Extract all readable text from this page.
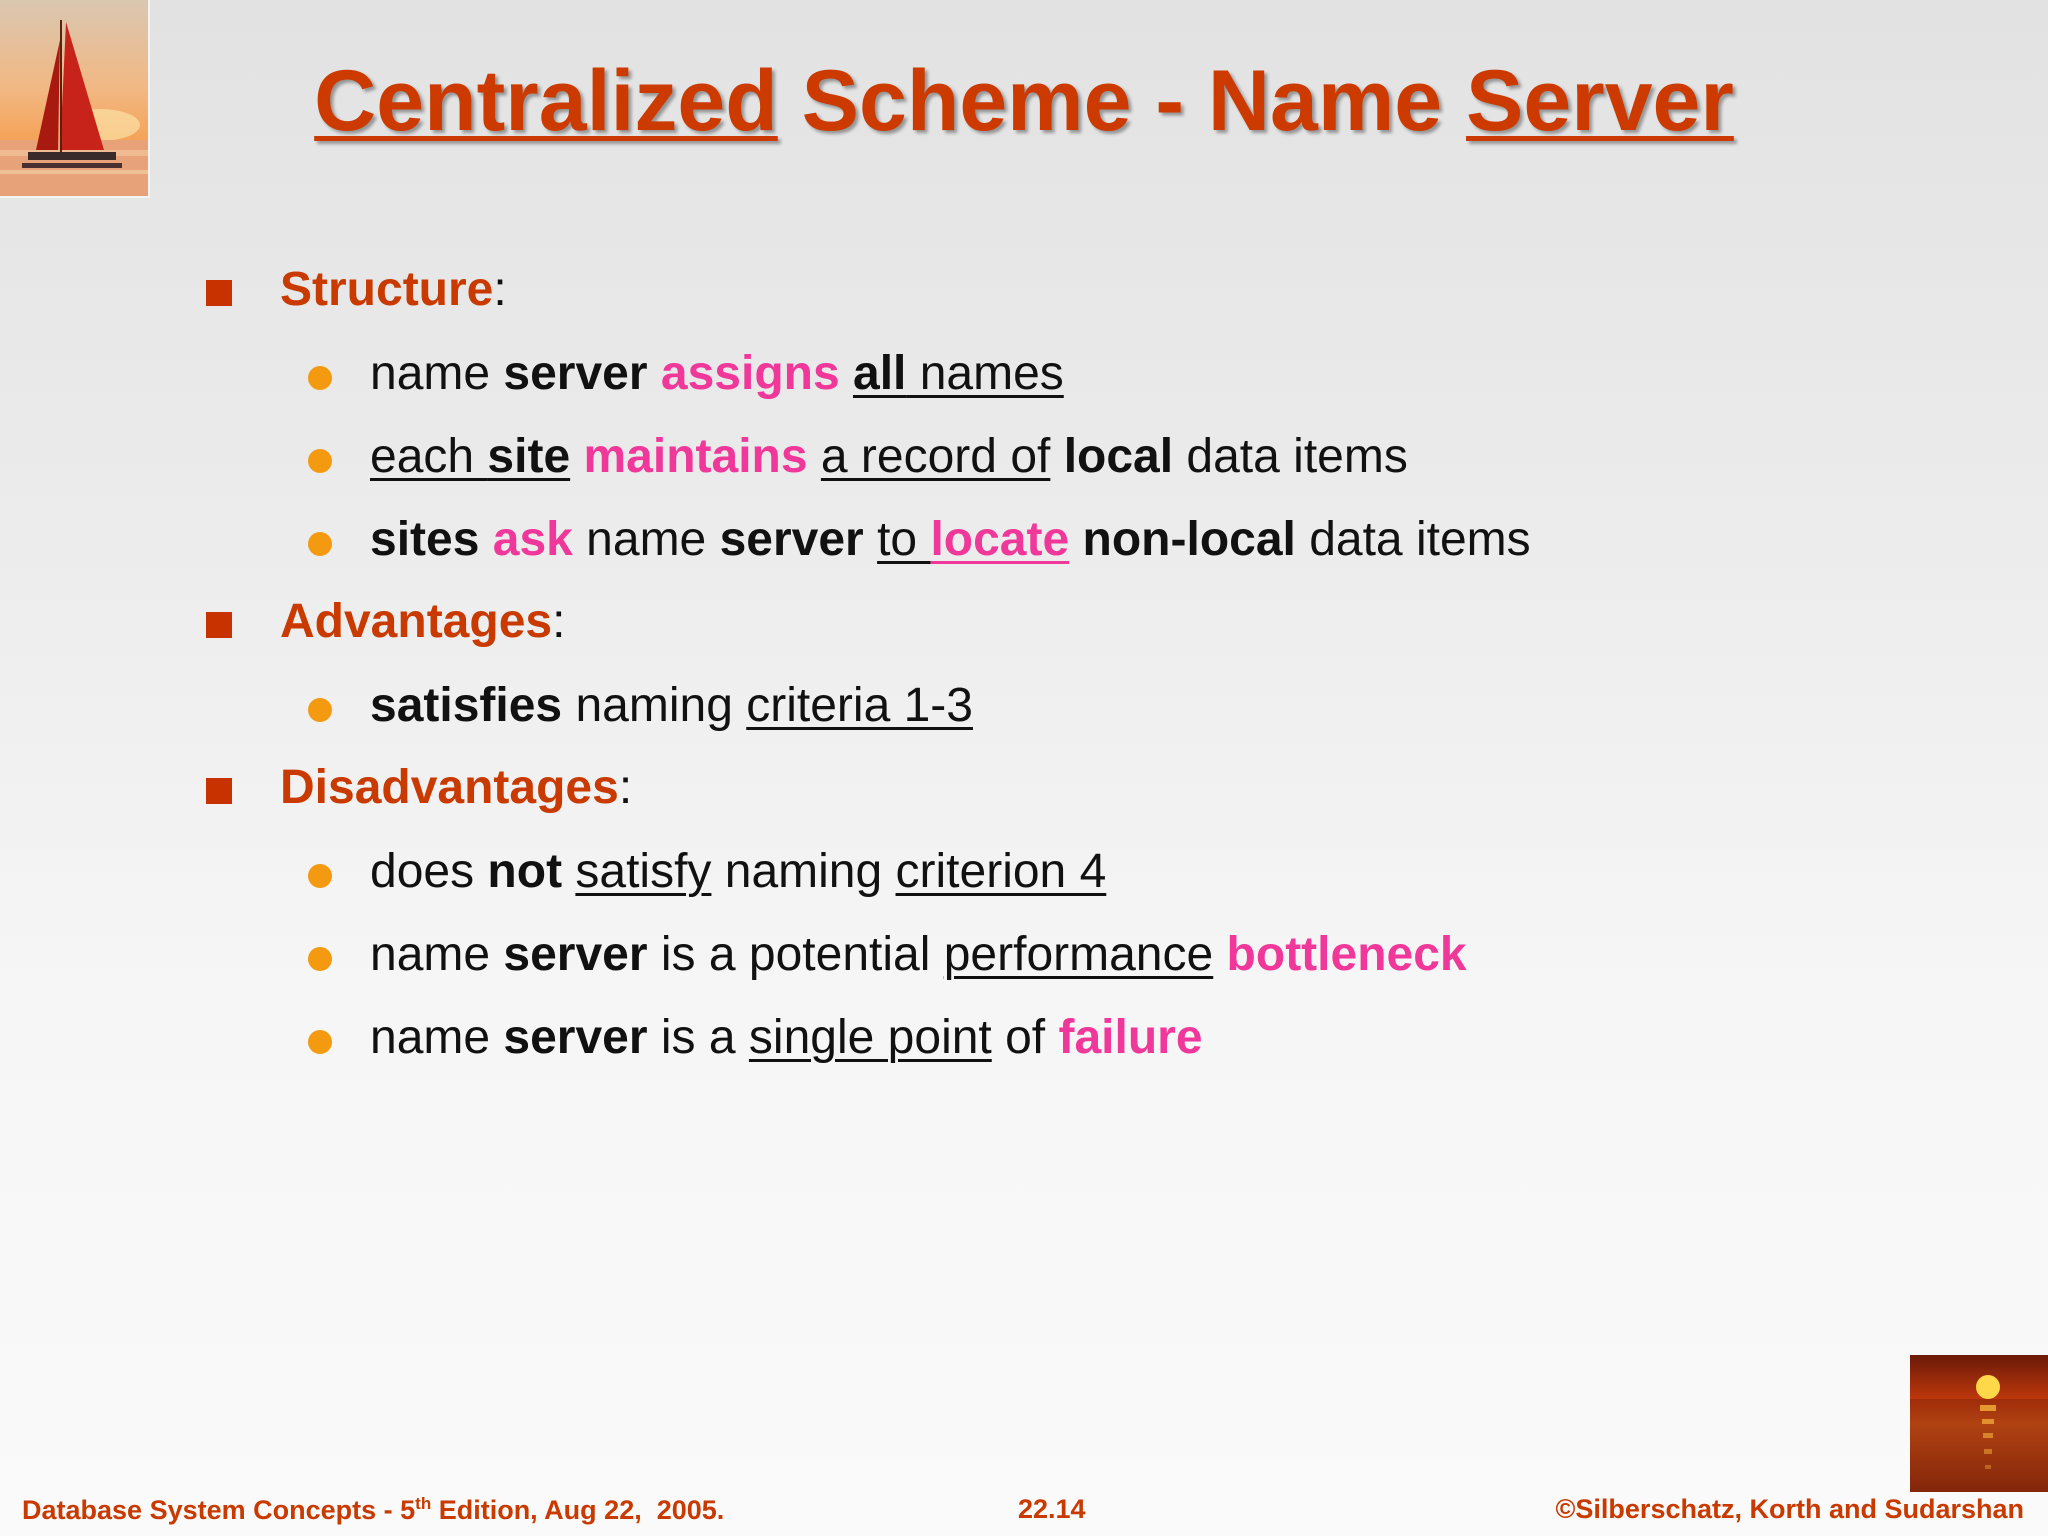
Centralized Scheme - Name Server
Structure:
name server assigns all names
each site maintains a record of local data items
sites ask name server to locate non-local data items
Advantages:
satisfies naming criteria 1-3
Disadvantages:
does not satisfy naming criterion 4
name server is a potential performance bottleneck
name server is a single point of failure
Database System Concepts - 5th Edition, Aug 22,  2005.	22.14	©Silberschatz, Korth and Sudarshan
